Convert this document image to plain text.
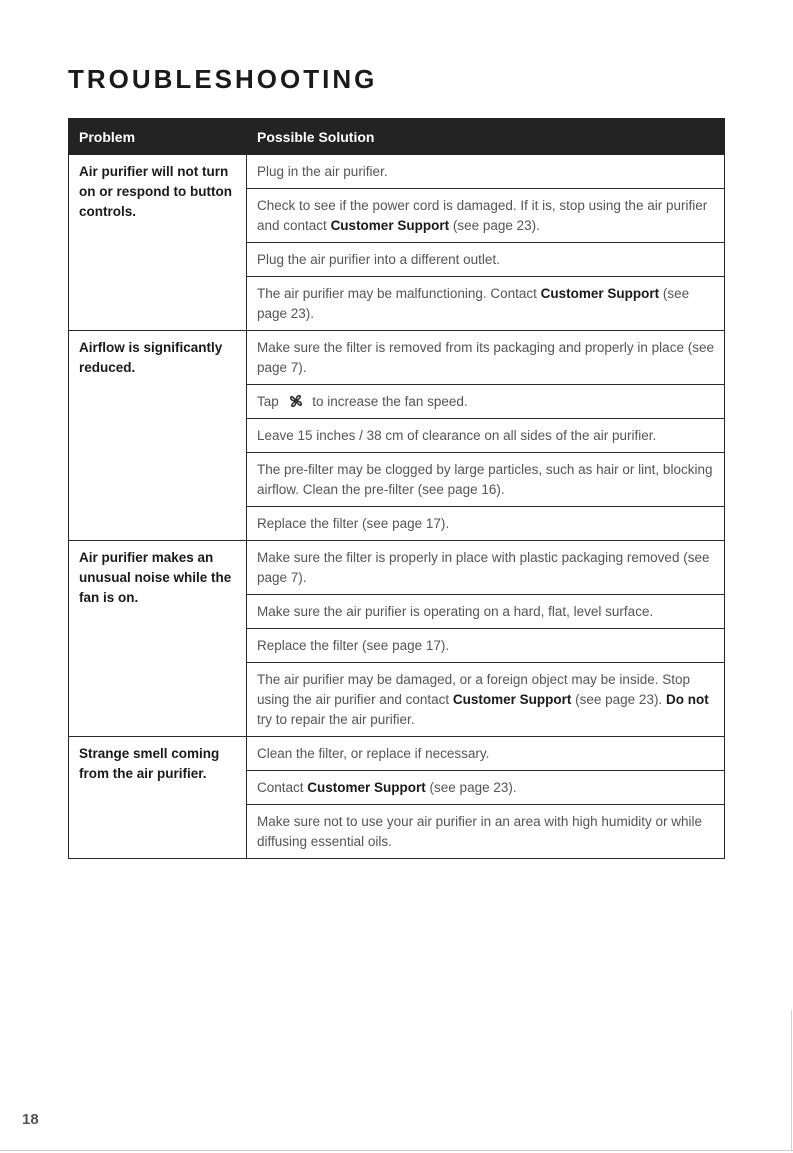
TROUBLESHOOTING
Problem	Possible Solution
Air purifier will not turn on or respond to button controls.	Plug in the air purifier.
	Check to see if the power cord is damaged. If it is, stop using the air purifier and contact Customer Support (see page 23).
	Plug the air purifier into a different outlet.
	The air purifier may be malfunctioning. Contact Customer Support (see page 23).
Airflow is significantly reduced.	Make sure the filter is removed from its packaging and properly in place (see page 7).
	Tap  to increase the fan speed.
	Leave 15 inches / 38 cm of clearance on all sides of the air purifier.
	The pre-filter may be clogged by large particles, such as hair or lint, blocking airflow. Clean the pre-filter (see page 16).
	Replace the filter (see page 17).
Air purifier makes an unusual noise while the fan is on.	Make sure the filter is properly in place with plastic packaging removed (see page 7).
	Make sure the air purifier is operating on a hard, flat, level surface.
	Replace the filter (see page 17).
	The air purifier may be damaged, or a foreign object may be inside. Stop using the air purifier and contact Customer Support (see page 23). Do not try to repair the air purifier.
Strange smell coming from the air purifier.	Clean the filter, or replace if necessary.
	Contact Customer Support (see page 23).
	Make sure not to use your air purifier in an area with high humidity or while diffusing essential oils.
18
